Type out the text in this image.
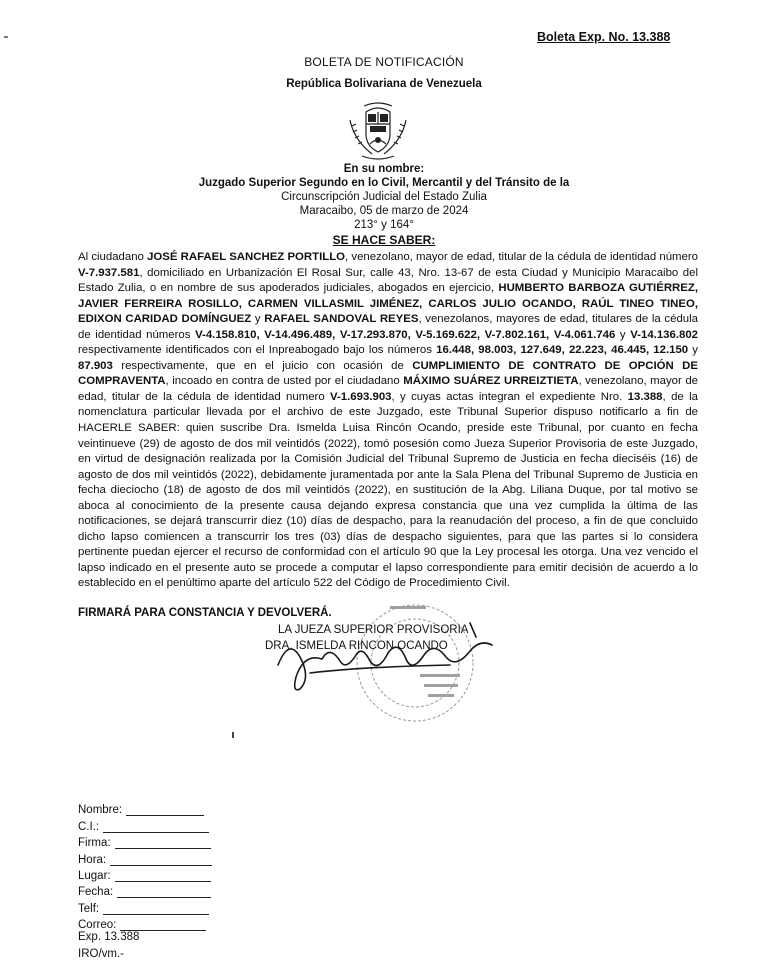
Boleta Exp. No. 13.388
BOLETA DE NOTIFICACIÓN
República Bolivariana de Venezuela
En su nombre:
Juzgado Superior Segundo en lo Civil, Mercantil y del Tránsito de la
Circunscripción Judicial del Estado Zulia
Maracaibo, 05 de marzo de 2024
213° y 164°
SE HACE SABER:
Al ciudadano JOSÉ RAFAEL SANCHEZ PORTILLO, venezolano, mayor de edad, titular de la cédula de identidad número V-7.937.581, domiciliado en Urbanización El Rosal Sur, calle 43, Nro. 13-67 de esta Ciudad y Municipio Maracaibo del Estado Zulia, o en nombre de sus apoderados judiciales, abogados en ejercicio, HUMBERTO BARBOZA GUTIÉRREZ, JAVIER FERREIRA ROSILLO, CARMEN VILLASMIL JIMÉNEZ, CARLOS JULIO OCANDO, RAÚL TINEO TINEO, EDIXON CARIDAD DOMÍNGUEZ y RAFAEL SANDOVAL REYES, venezolanos, mayores de edad, titulares de la cédula de identidad números V-4.158.810, V-14.496.489, V-17.293.870, V-5.169.622, V-7.802.161, V-4.061.746 y V-14.136.802 respectivamente identificados con el Inpreabogado bajo los números 16.448, 98.003, 127.649, 22.223, 46.445, 12.150 y 87.903 respectivamente, que en el juicio con ocasión de CUMPLIMIENTO DE CONTRATO DE OPCIÓN DE COMPRAVENTA, incoado en contra de usted por el ciudadano MÁXIMO SUÁREZ URREIZTIETA, venezolano, mayor de edad, titular de la cédula de identidad numero V-1.693.903, y cuyas actas integran el expediente Nro. 13.388, de la nomenclatura particular llevada por el archivo de este Juzgado, este Tribunal Superior dispuso notificarlo a fin de HACERLE SABER: quien suscribe Dra. Ismelda Luisa Rincón Ocando, preside este Tribunal, por cuanto en fecha veintinueve (29) de agosto de dos mil veintidós (2022), tomó posesión como Jueza Superior Provisoria de este Juzgado, en virtud de designación realizada por la Comisión Judicial del Tribunal Supremo de Justicia en fecha dieciséis (16) de agosto de dos mil veintidós (2022), debidamente juramentada por ante la Sala Plena del Tribunal Supremo de Justicia en fecha dieciocho (18) de agosto de dos mil veintidós (2022), en sustitución de la Abg. Liliana Duque, por tal motivo se aboca al conocimiento de la presente causa dejando expresa constancia que una vez cumplida la última de las notificaciones, se dejará transcurrir diez (10) días de despacho, para la reanudación del proceso, a fin de que concluido dicho lapso comiencen a transcurrir los tres (03) días de despacho siguientes, para que las partes si lo considera pertinente puedan ejercer el recurso de conformidad con el artículo 90 que la Ley procesal les otorga. Una vez vencido el lapso indicado en el presente auto se procede a computar el lapso correspondiente para emitir decisión de acuerdo a lo establecido en el penúltimo aparte del artículo 522 del Código de Procedimiento Civil.
FIRMARÁ PARA CONSTANCIA Y DEVOLVERÁ.
LA JUEZA SUPERIOR PROVISORIA
DRA. ISMELDA RINCON OCANDO
Nombre:
C.I.:
Firma:
Hora:
Lugar:
Fecha:
Telf:
Correo:
Exp. 13.388
IRO/vm.-
